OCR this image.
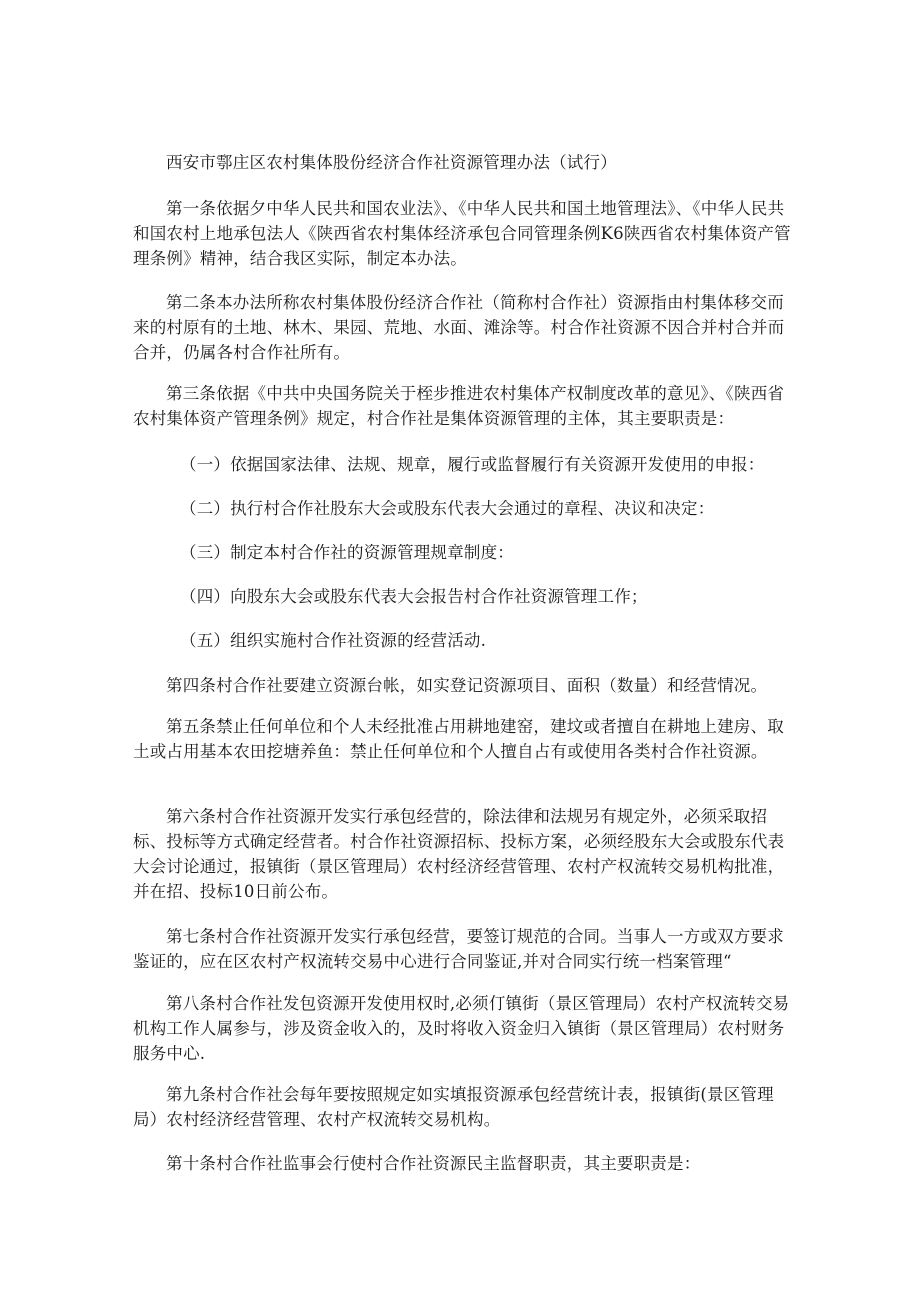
西安市鄠庄区农村集体股份经济合作社资源管理办法（试行）

第一条依据夕中华人民共和国农业法》、《中华人民共和国土地管理法》、《中华人民共和国农村上地承包法人《陕西省农村集体经济承包合同管理条例K6陕西省农村集体资产管理条例》精神，结合我区实际，制定本办法。

第二条本办法所称农村集体股份经济合作社（简称村合作社）资源指由村集体移交而来的村原有的土地、林木、果园、荒地、水面、滩涂等。村合作社资源不因合并村合并而合并，仍属各村合作社所有。

第三条依据《中共中央国务院关于桎步推进农村集体产权制度改革的意见》、《陕西省农村集体资产管理条例》规定，村合作社是集体资源管理的主体，其主要职责是：

（一）依据国家法律、法规、规章，履行或监督履行有关资源开发使用的申报：

（二）执行村合作社股东大会或股东代表大会通过的章程、决议和决定：

（三）制定本村合作社的资源管理规章制度：

（四）向股东大会或股东代表大会报告村合作社资源管理工作；

（五）组织实施村合作社资源的经营活动.

第四条村合作社要建立资源台帐，如实登记资源项目、面积（数量）和经营情况。

第五条禁止任何单位和个人未经批准占用耕地建窑，建坟或者擅自在耕地上建房、取土或占用基本农田挖塘养鱼：禁止任何单位和个人擅自占有或使用各类村合作社资源。

第六条村合作社资源开发实行承包经营的，除法律和法规另有规定外，必须采取招标、投标等方式确定经营者。村合作社资源招标、投标方案，必须经股东大会或股东代表大会讨论通过，报镇街（景区管理局）农村经济经营管理、农村产权流转交易机构批准，并在招、投标10日前公布。

第七条村合作社资源开发实行承包经营，要签订规范的合同。当事人一方或双方要求鉴证的，应在区农村产权流转交易中心进行合同鉴证,并对合同实行统一档案管理“

第八条村合作社发包资源开发使用权时,必须仃镇街（景区管理局）农村产权流转交易机构工作人属参与，涉及资金收入的，及时将收入资金归入镇街（景区管理局）农村财务服务中心.

第九条村合作社会每年要按照规定如实填报资源承包经营统计表，报镇街(景区管理局）农村经济经营管理、农村产权流转交易机构。

第十条村合作社监事会行使村合作社资源民主监督职责，其主要职责是：
